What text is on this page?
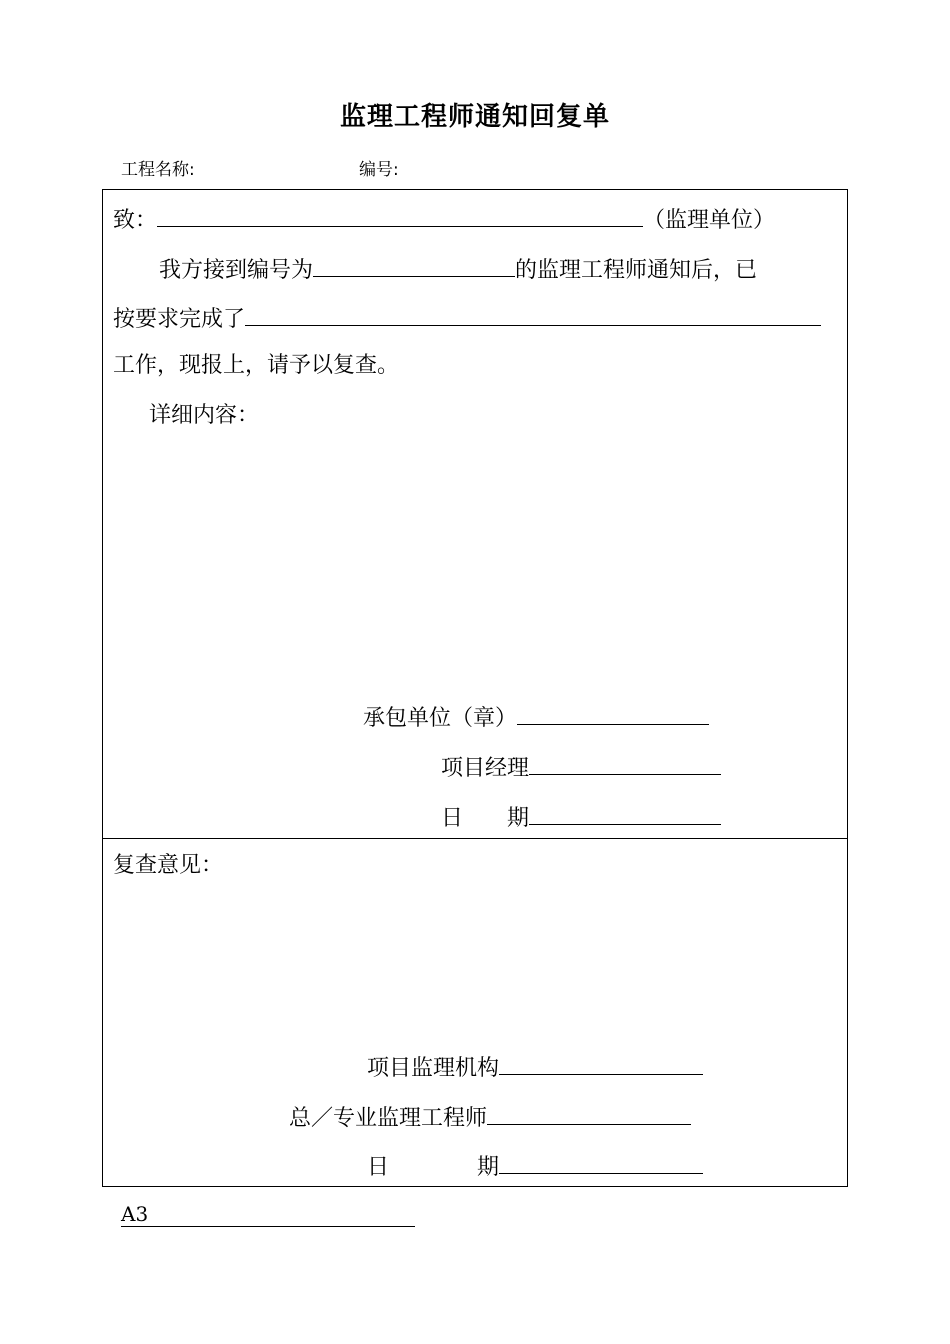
监理工程师通知回复单
工程名称:	编号:
致：	（监理单位）
我方接到编号为	的监理工程师通知后，已
按要求完成了
工作，现报上，请予以复查。
详细内容：
承包单位（章）
项目经理
日　　期
复查意见：
项目监理机构
总／专业监理工程师
日　　　　期
A3
